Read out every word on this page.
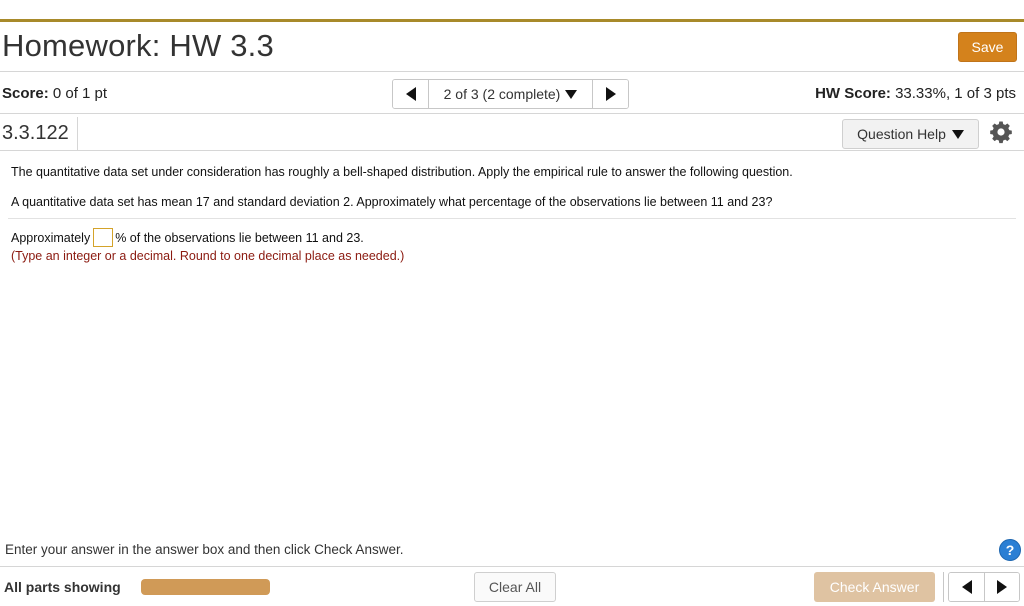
Homework: HW 3.3	Save
Score: 0 of 1 pt	2 of 3 (2 complete)	HW Score: 33.33%, 1 of 3 pts
3.3.122	Question Help
The quantitative data set under consideration has roughly a bell-shaped distribution. Apply the empirical rule to answer the following question.
A quantitative data set has mean 17 and standard deviation 2. Approximately what percentage of the observations lie between 11 and 23?
Approximately % of the observations lie between 11 and 23.
(Type an integer or a decimal. Round to one decimal place as needed.)
Enter your answer in the answer box and then click Check Answer.	?
All parts showing	Clear All	Check Answer
